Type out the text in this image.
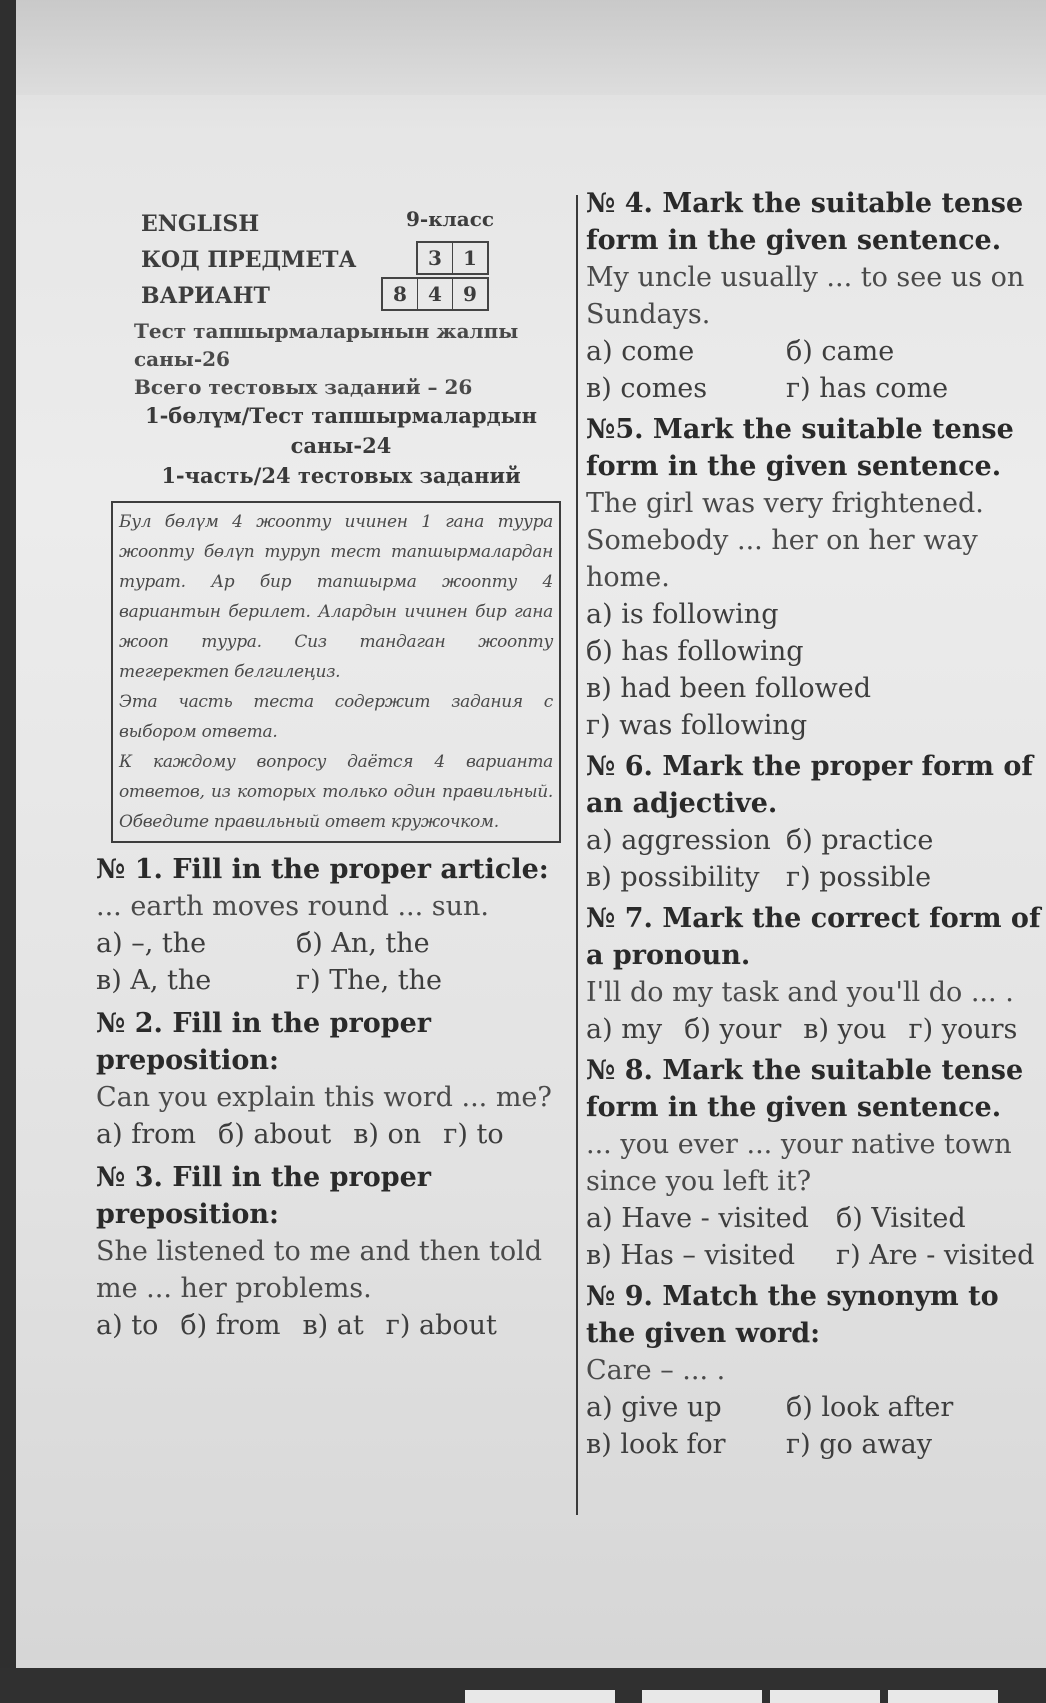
ENGLISH	9-класс
КОД ПРЕДМЕТА	3	1
ВАРИАНТ	8	4	9
Тест тапшырмаларынын жалпы саны-26
Всего тестовых заданий – 26
1-бөлүм/Тест тапшырмалардын саны-24
1-часть/24 тестовых заданий
Бул бөлүм 4 жоопту ичинен 1 гана туура жоопту бөлүп туруп тест тапшырмалардан турат. Ар бир тапшырма жоопту 4 вариантын берилет. Алардын ичинен бир гана жооп туура. Сиз тандаган жоопту тегеректеп белгилеңиз.
Эта часть теста содержит задания с выбором ответа.
К каждому вопросу даётся 4 варианта ответов, из которых только один правильный. Обведите правильный ответ кружочком.
№ 1. Fill in the proper article:
... earth moves round ... sun.
а) –, the	б) An, the
в) A, the	г) The, the
№ 2. Fill in the proper preposition:
Can you explain this word ... me?
а) from б) about в) on г) to
№ 3. Fill in the proper preposition:
She listened to me and then told me ... her problems.
а) to б) from в) at г) about
№ 4. Mark the suitable tense form in the given sentence.
My uncle usually ... to see us on Sundays.
а) come	б) came
в) comes	г) has come
№5. Mark the suitable tense form in the given sentence.
The girl was very frightened. Somebody ... her on her way home.
а) is following
б) has following
в) had been followed
г) was following
№ 6. Mark the proper form of an adjective.
а) aggression б) practice
в) possibility г) possible
№ 7. Mark the correct form of a pronoun.
I'll do my task and you'll do ... .
а) my б) your в) you г) yours
№ 8. Mark the suitable tense form in the given sentence.
... you ever ... your native town since you left it?
а) Have - visited	б) Visited
в) Has – visited	г) Are - visited
№ 9. Match the synonym to the given word:
Care – ... .
а) give up	б) look after
в) look for	г) go away
